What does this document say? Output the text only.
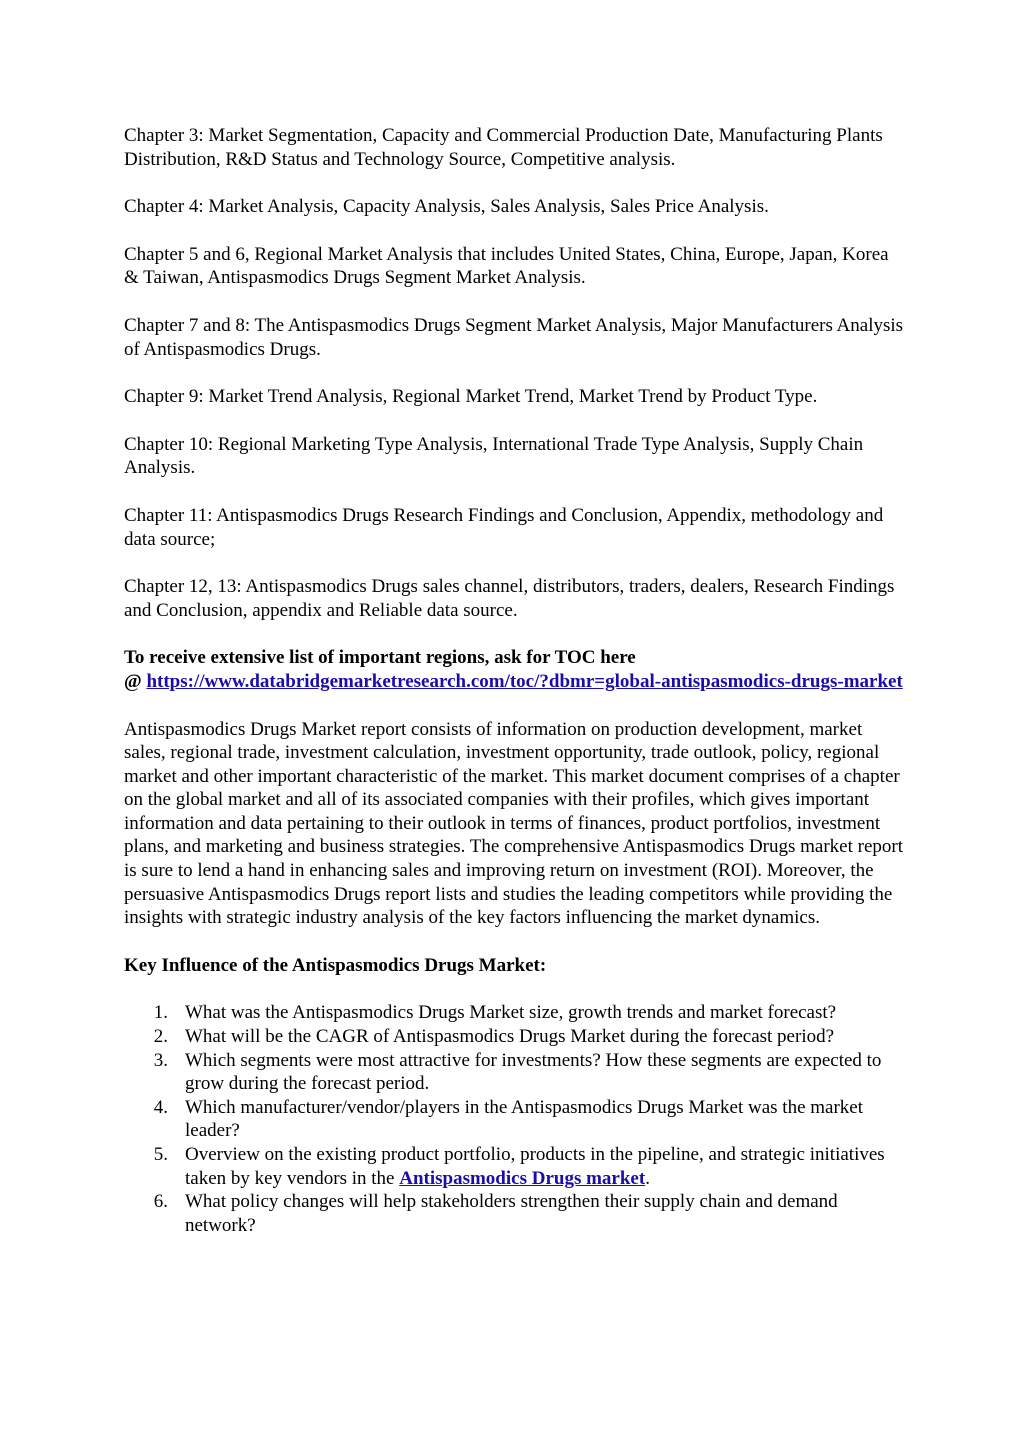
Chapter 3: Market Segmentation, Capacity and Commercial Production Date, Manufacturing Plants Distribution, R&D Status and Technology Source, Competitive analysis.

Chapter 4: Market Analysis, Capacity Analysis, Sales Analysis, Sales Price Analysis.

Chapter 5 and 6, Regional Market Analysis that includes United States, China, Europe, Japan, Korea & Taiwan, Antispasmodics Drugs Segment Market Analysis.

Chapter 7 and 8: The Antispasmodics Drugs Segment Market Analysis, Major Manufacturers Analysis of Antispasmodics Drugs.

Chapter 9: Market Trend Analysis, Regional Market Trend, Market Trend by Product Type.

Chapter 10: Regional Marketing Type Analysis, International Trade Type Analysis, Supply Chain Analysis.

Chapter 11: Antispasmodics Drugs Research Findings and Conclusion, Appendix, methodology and data source;

Chapter 12, 13: Antispasmodics Drugs sales channel, distributors, traders, dealers, Research Findings and Conclusion, appendix and Reliable data source.

To receive extensive list of important regions, ask for TOC here
@ https://www.databridgemarketresearch.com/toc/?dbmr=global-antispasmodics-drugs-market

Antispasmodics Drugs Market report consists of information on production development, market sales, regional trade, investment calculation, investment opportunity, trade outlook, policy, regional market and other important characteristic of the market. This market document comprises of a chapter on the global market and all of its associated companies with their profiles, which gives important information and data pertaining to their outlook in terms of finances, product portfolios, investment plans, and marketing and business strategies. The comprehensive Antispasmodics Drugs market report is sure to lend a hand in enhancing sales and improving return on investment (ROI). Moreover, the persuasive Antispasmodics Drugs report lists and studies the leading competitors while providing the insights with strategic industry analysis of the key factors influencing the market dynamics.

Key Influence of the Antispasmodics Drugs Market:
1. What was the Antispasmodics Drugs Market size, growth trends and market forecast?
2. What will be the CAGR of Antispasmodics Drugs Market during the forecast period?
3. Which segments were most attractive for investments? How these segments are expected to grow during the forecast period.
4. Which manufacturer/vendor/players in the Antispasmodics Drugs Market was the market leader?
5. Overview on the existing product portfolio, products in the pipeline, and strategic initiatives taken by key vendors in the Antispasmodics Drugs market.
6. What policy changes will help stakeholders strengthen their supply chain and demand network?
